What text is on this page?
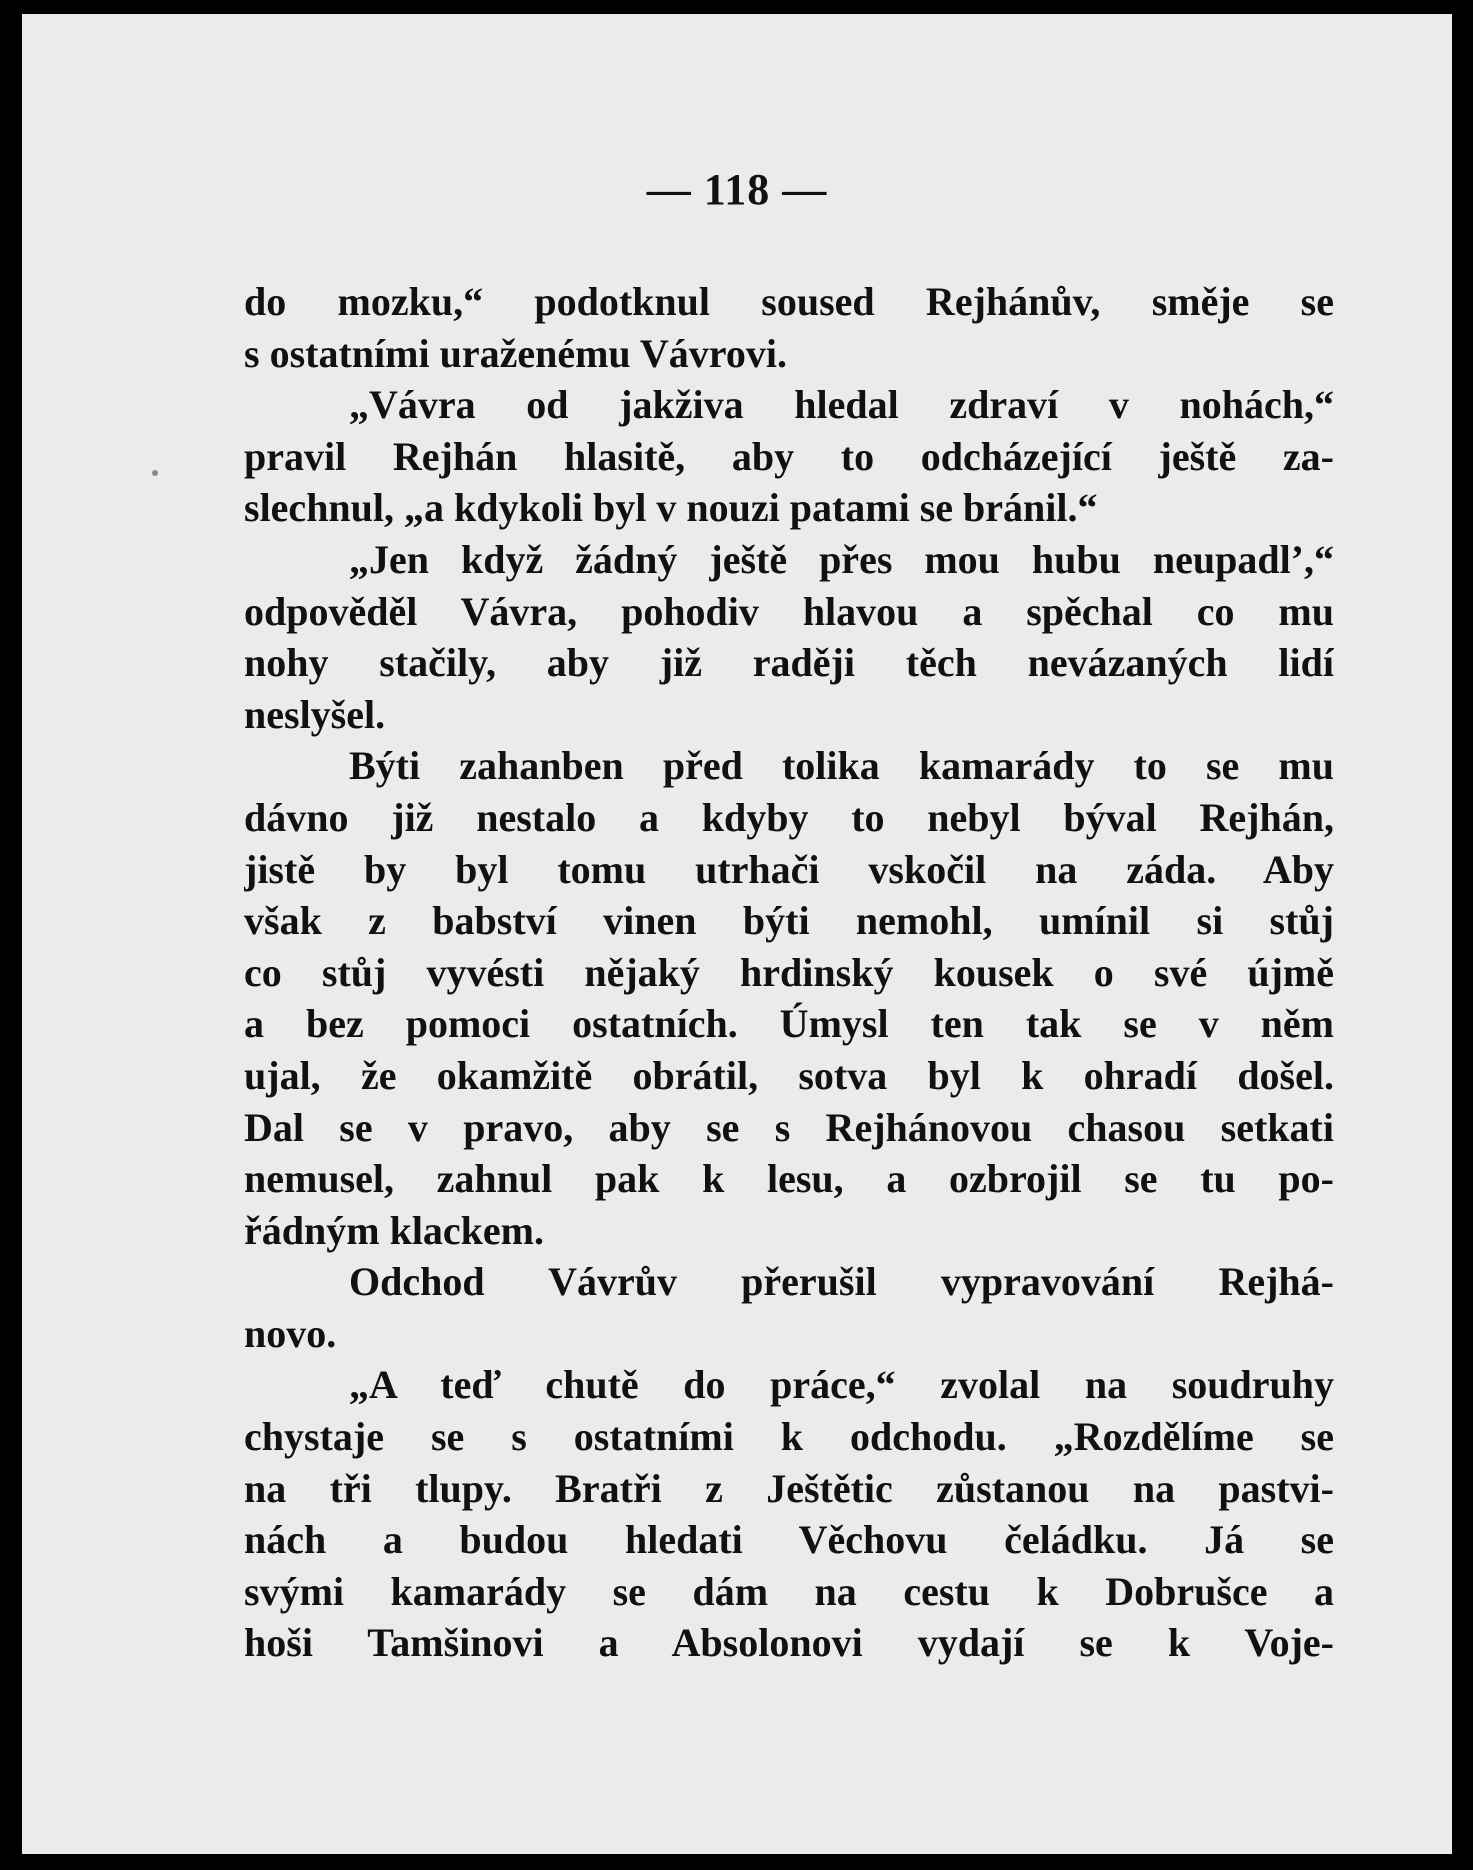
— 118 —
do mozku,“ podotknul soused Rejhánův, směje se
s ostatními uraženému Vávrovi.
„Vávra od jakživa hledal zdraví v nohách,“
pravil Rejhán hlasitě, aby to odcházející ještě za-
slechnul, „a kdykoli byl v nouzi patami se bránil.“
„Jen když žádný ještě přes mou hubu neupadl’,“
odpověděl Vávra, pohodiv hlavou a spěchal co mu
nohy stačily, aby již raději těch nevázaných lidí
neslyšel.
Býti zahanben před tolika kamarády to se mu
dávno již nestalo a kdyby to nebyl býval Rejhán,
jistě by byl tomu utrhači vskočil na záda. Aby
však z babství vinen býti nemohl, umínil si stůj
co stůj vyvésti nějaký hrdinský kousek o své újmě
a bez pomoci ostatních. Úmysl ten tak se v něm
ujal, že okamžitě obrátil, sotva byl k ohradí došel.
Dal se v pravo, aby se s Rejhánovou chasou setkati
nemusel, zahnul pak k lesu, a ozbrojil se tu po-
řádným klackem.
Odchod Vávrův přerušil vypravování Rejhá-
novo.
„A teď chutě do práce,“ zvolal na soudruhy
chystaje se s ostatními k odchodu. „Rozdělíme se
na tři tlupy. Bratři z Ještětic zůstanou na pastvi-
nách a budou hledati Věchovu čeládku. Já se
svými kamarády se dám na cestu k Dobrušce a
hoši Tamšinovi a Absolonovi vydají se k Voje-
